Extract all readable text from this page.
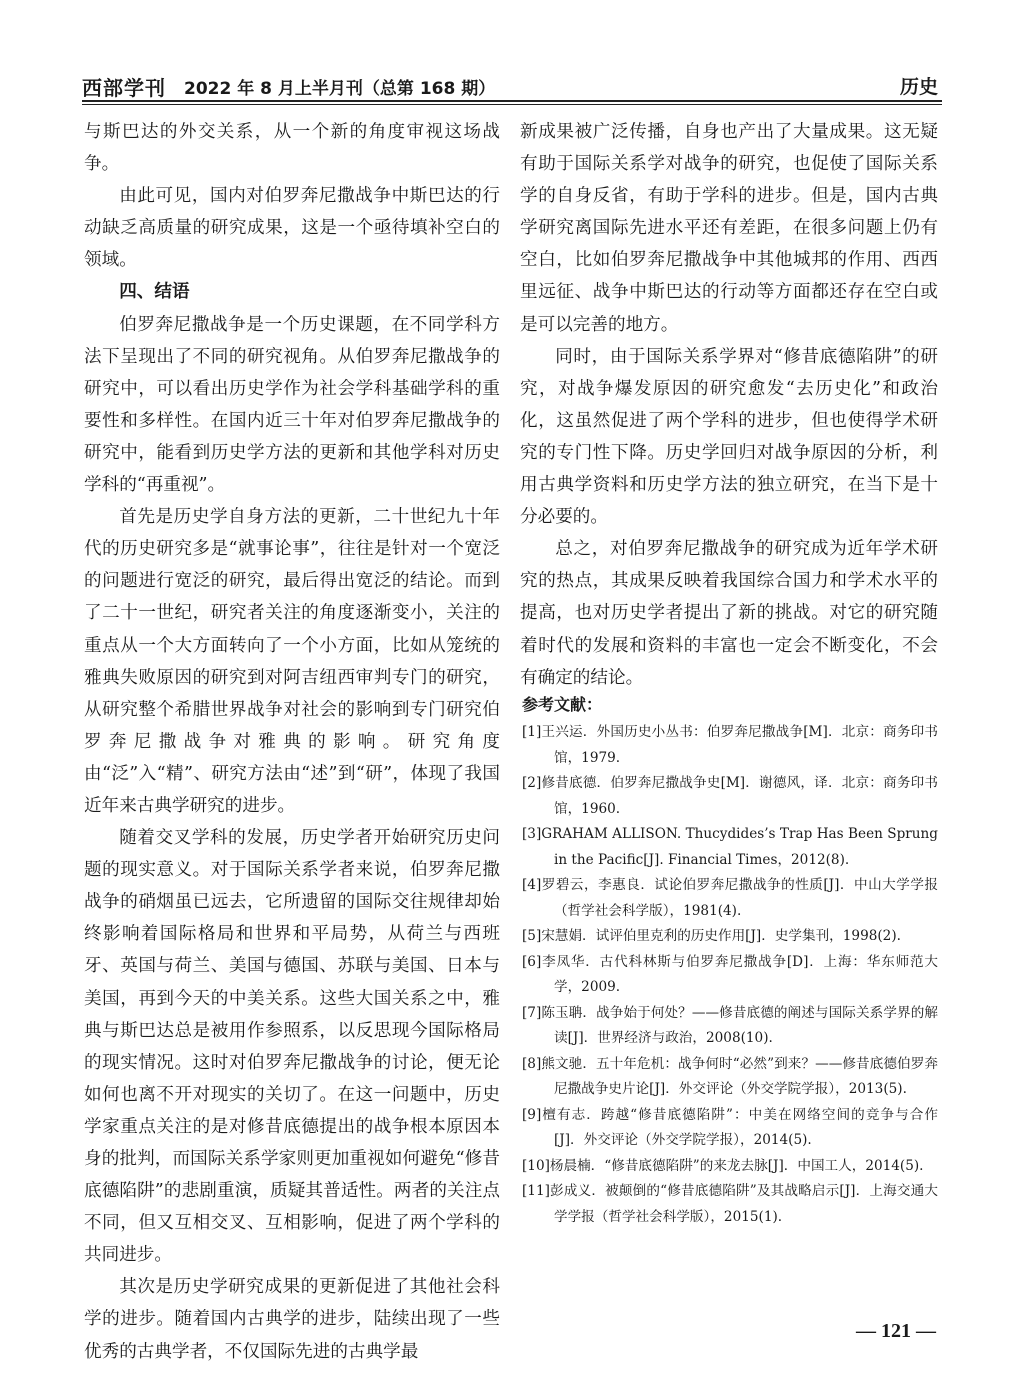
西部学刊 2022 年 8 月上半月刊（总第 168 期）	历史

与斯巴达的外交关系，从一个新的角度审视这场战争。

由此可见，国内对伯罗奔尼撒战争中斯巴达的行动缺乏高质量的研究成果，这是一个亟待填补空白的领域。

四、结语

伯罗奔尼撒战争是一个历史课题，在不同学科方法下呈现出了不同的研究视角。从伯罗奔尼撒战争的研究中，可以看出历史学作为社会学科基础学科的重要性和多样性。在国内近三十年对伯罗奔尼撒战争的研究中，能看到历史学方法的更新和其他学科对历史学科的“再重视”。

首先是历史学自身方法的更新，二十世纪九十年代的历史研究多是“就事论事”，往往是针对一个宽泛的问题进行宽泛的研究，最后得出宽泛的结论。而到了二十一世纪，研究者关注的角度逐渐变小，关注的重点从一个大方面转向了一个小方面，比如从笼统的雅典失败原因的研究到对阿吉纽西审判专门的研究，从研究整个希腊世界战争对社会的影响到专门研究伯罗奔尼撒战争对雅典的影响。研究角度由“泛”入“精”、研究方法由“述”到“研”，体现了我国近年来古典学研究的进步。

随着交叉学科的发展，历史学者开始研究历史问题的现实意义。对于国际关系学者来说，伯罗奔尼撒战争的硝烟虽已远去，它所遗留的国际交往规律却始终影响着国际格局和世界和平局势，从荷兰与西班牙、英国与荷兰、美国与德国、苏联与美国、日本与美国，再到今天的中美关系。这些大国关系之中，雅典与斯巴达总是被用作参照系，以反思现今国际格局的现实情况。这时对伯罗奔尼撒战争的讨论，便无论如何也离不开对现实的关切了。在这一问题中，历史学家重点关注的是对修昔底德提出的战争根本原因本身的批判，而国际关系学家则更加重视如何避免“修昔底德陷阱”的悲剧重演，质疑其普适性。两者的关注点不同，但又互相交叉、互相影响，促进了两个学科的共同进步。

其次是历史学研究成果的更新促进了其他社会科学的进步。随着国内古典学的进步，陆续出现了一些优秀的古典学者，不仅国际先进的古典学最

新成果被广泛传播，自身也产出了大量成果。这无疑有助于国际关系学对战争的研究，也促使了国际关系学的自身反省，有助于学科的进步。但是，国内古典学研究离国际先进水平还有差距，在很多问题上仍有空白，比如伯罗奔尼撒战争中其他城邦的作用、西西里远征、战争中斯巴达的行动等方面都还存在空白或是可以完善的地方。

同时，由于国际关系学界对“修昔底德陷阱”的研究，对战争爆发原因的研究愈发“去历史化”和政治化，这虽然促进了两个学科的进步，但也使得学术研究的专门性下降。历史学回归对战争原因的分析，利用古典学资料和历史学方法的独立研究，在当下是十分必要的。

总之，对伯罗奔尼撒战争的研究成为近年学术研究的热点，其成果反映着我国综合国力和学术水平的提高，也对历史学者提出了新的挑战。对它的研究随着时代的发展和资料的丰富也一定会不断变化，不会有确定的结论。

参考文献：
[1]王兴运．外国历史小丛书：伯罗奔尼撒战争[M]．北京：商务印书馆，1979.
[2]修昔底德．伯罗奔尼撒战争史[M]．谢德风，译．北京：商务印书馆，1960.
[3]GRAHAM ALLISON. Thucydides’s Trap Has Been Sprung in the Pacific[J]. Financial Times，2012(8).
[4]罗碧云，李惠良．试论伯罗奔尼撒战争的性质[J]．中山大学学报（哲学社会科学版），1981(4).
[5]宋慧娟．试评伯里克利的历史作用[J]．史学集刊，1998(2).
[6]李凤华．古代科林斯与伯罗奔尼撒战争[D]．上海：华东师范大学，2009.
[7]陈玉聃．战争始于何处？——修昔底德的阐述与国际关系学界的解读[J]．世界经济与政治，2008(10).
[8]熊文驰．五十年危机：战争何时“必然”到来？——修昔底德伯罗奔尼撒战争史片论[J]．外交评论（外交学院学报），2013(5).
[9]檀有志．跨越“修昔底德陷阱”：中美在网络空间的竞争与合作[J]．外交评论（外交学院学报），2014(5).
[10]杨晨楠．“修昔底德陷阱”的来龙去脉[J]．中国工人，2014(5).
[11]彭成义．被颠倒的“修昔底德陷阱”及其战略启示[J]．上海交通大学学报（哲学社会科学版），2015(1).
— 121 —
